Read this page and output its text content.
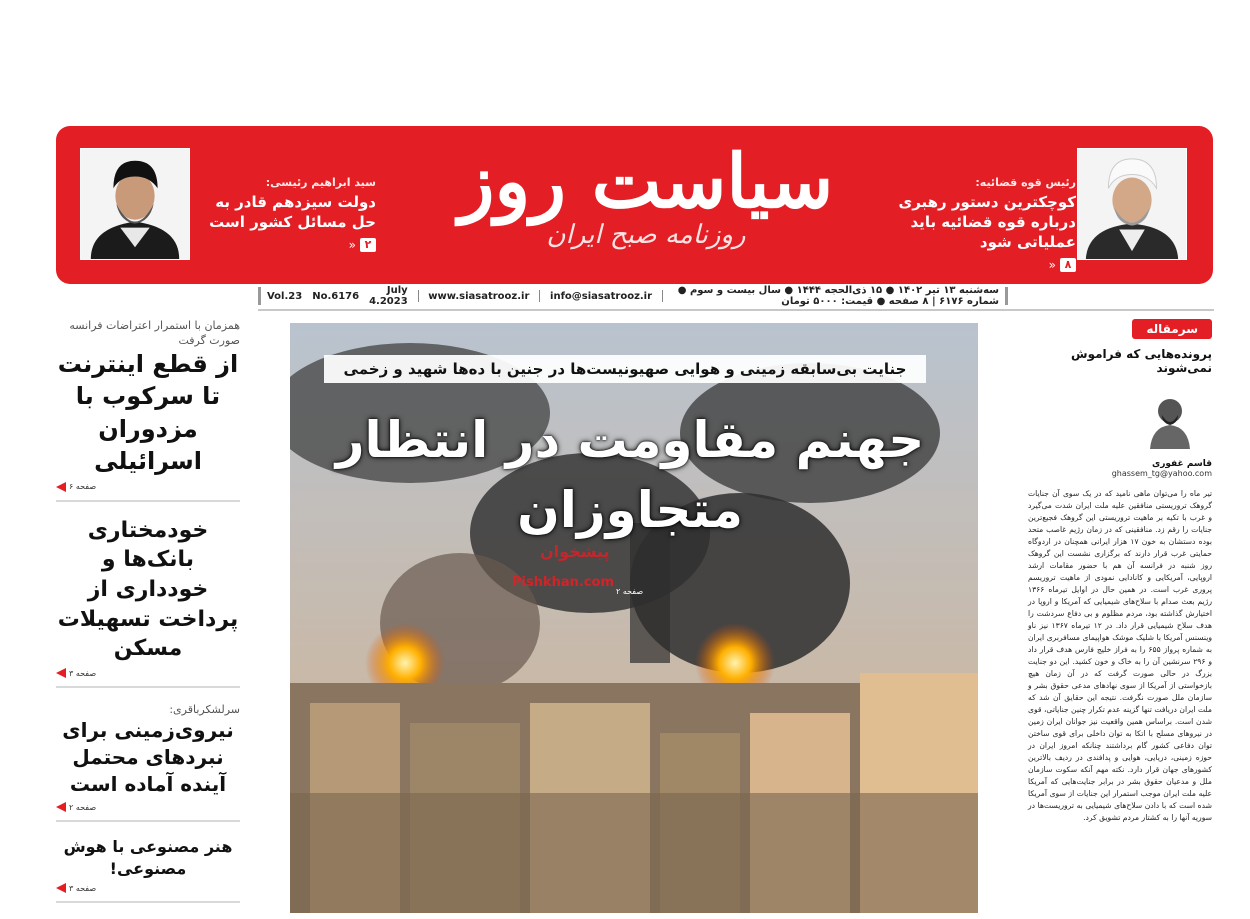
سید ابراهیم رئیسی:
دولت سیزدهم قادر به حل مسائل کشور است
۲
«
سیاست روز
روزنامه صبح ایران
رئیس قوه قضائیه:
کوچکترین دستور رهبری درباره قوه قضائیه باید عملیاتی شود
۸
«
سه‌شنبه ۱۳ تیر ۱۴۰۲ ● ۱۵ ذی‌الحجه ۱۴۴۴ ● سال بیست و سوم ● شماره ۶۱۷۶ | ۸ صفحه ● قیمت: ۵۰۰۰ تومان
info@siasatrooz.ir
www.siasatrooz.ir
July 4.2023
No.6176
Vol.23
همزمان با استمرار اعتراضات فرانسه صورت گرفت
از قطع اینترنت تا سرکوب با مزدوران اسرائیلی
صفحه ۶
خودمختاری بانک‌ها و خودداری از پرداخت تسهیلات مسکن
صفحه ۳
سرلشکرباقری:
نیروی‌زمینی برای نبردهای محتمل آینده آماده است
صفحه ۲
هنر مصنوعی با هوش مصنوعی!
صفحه ۳
جنایت بی‌سابقه زمینی و هوایی صهیونیست‌ها در جنین با ده‌ها شهید و زخمی
جهنم مقاومت در انتظار متجاوزان
پیشخوان
Pishkhan.com
صفحه ۲
سرمقاله
پرونده‌هایی که فراموش نمی‌شوند
قاسم غفوری
ghassem_tg@yahoo.com
تیر ماه را می‌توان ماهی نامید که در یک سوی آن جنایات گروهک تروریستی منافقین علیه ملت ایران شدت می‌گیرد و غرب با تکیه بر ماهیت تروریستی این گروهک فجیع‌ترین جنایات را رقم زد. منافقینی که در زمان رژیم غاصب متحد بوده دستشان به خون ۱۷ هزار ایرانی همچنان در اردوگاه حمایتی غرب قرار دارند که برگزاری نشست این گروهک روز شنبه در فرانسه آن هم با حضور مقامات ارشد اروپایی، آمریکایی و کانادایی نمودی از ماهیت تروریسم پروری غرب است. در همین حال در اوایل تیرماه ۱۳۶۶ رژیم بعث صدام با سلاح‌های شیمیایی که آمریکا و اروپا در اختیارش گذاشته بود، مردم مظلوم و بی دفاع سردشت را هدف سلاح شیمیایی قرار داد. در ۱۲ تیرماه ۱۳۶۷ نیز ناو وینسنس آمریکا با شلیک موشک هواپیمای مسافربری ایران به شماره پرواز ۶۵۵ را به فراز خلیج فارس هدف قرار داد و ۲۹۶ سرنشین آن را به خاک و خون کشید. این دو جنایت بزرگ در حالی صورت گرفت که در آن زمان هیچ بازخواستی از آمریکا از سوی نهادهای مدعی حقوق بشر و سازمان ملل صورت نگرفت. نتیجه این حقایق آن شد که ملت ایران دریافت تنها گزینه عدم تکرار چنین جنایاتی، قوی شدن است. براساس همین واقعیت نیز جوانان ایران زمین در نیروهای مسلح با اتکا به توان داخلی برای قوی ساختن توان دفاعی کشور گام برداشتند چنانکه امروز ایران در حوزه زمینی، دریایی، هوایی و پدافندی در ردیف بالاترین کشورهای جهان قرار دارد. نکته مهم آنکه سکوت سازمان ملل و مدعیان حقوق بشر در برابر جنایت‌هایی که آمریکا علیه ملت ایران موجب استمرار این جنایات از سوی آمریکا شده است که با دادن سلاح‌های شیمیایی به تروریست‌ها در سوریه آنها را به کشتار مردم تشویق کرد.
